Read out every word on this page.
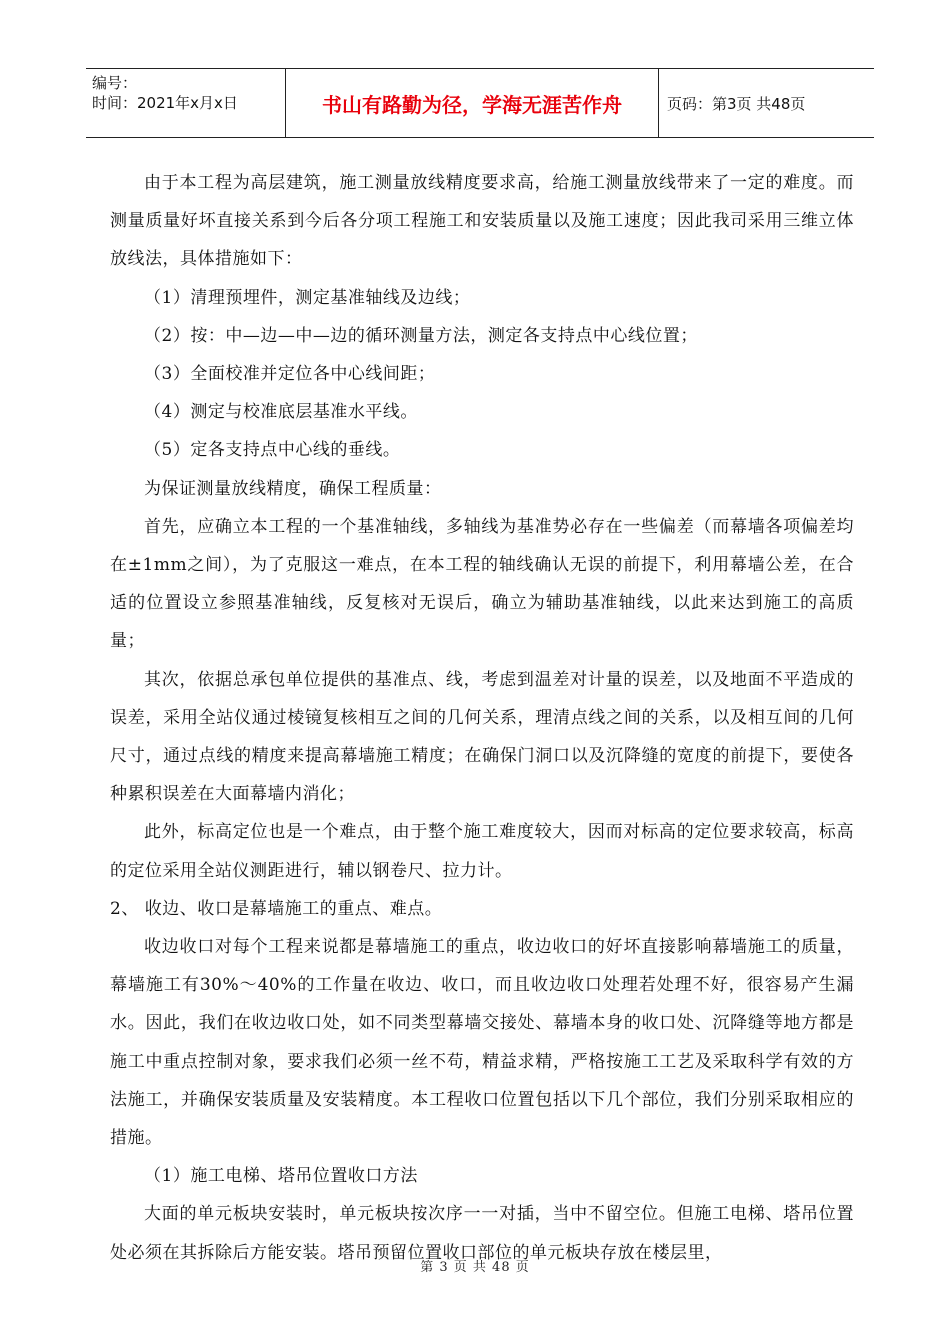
编号：
时间：2021年x月x日	书山有路勤为径，学海无涯苦作舟	页码：第3页 共48页

由于本工程为高层建筑，施工测量放线精度要求高，给施工测量放线带来了一定的难度。而测量质量好坏直接关系到今后各分项工程施工和安装质量以及施工速度；因此我司采用三维立体放线法，具体措施如下：

（1）清理预埋件，测定基准轴线及边线；

（2）按：中—边—中—边的循环测量方法，测定各支持点中心线位置；

（3）全面校准并定位各中心线间距；

（4）测定与校准底层基准水平线。

（5）定各支持点中心线的垂线。

为保证测量放线精度，确保工程质量：

首先，应确立本工程的一个基准轴线，多轴线为基准势必存在一些偏差（而幕墙各项偏差均在±1mm之间），为了克服这一难点，在本工程的轴线确认无误的前提下，利用幕墙公差，在合适的位置设立参照基准轴线，反复核对无误后，确立为辅助基准轴线，以此来达到施工的高质量；

其次，依据总承包单位提供的基准点、线，考虑到温差对计量的误差，以及地面不平造成的误差，采用全站仪通过棱镜复核相互之间的几何关系，理清点线之间的关系，以及相互间的几何尺寸，通过点线的精度来提高幕墙施工精度；在确保门洞口以及沉降缝的宽度的前提下，要使各种累积误差在大面幕墙内消化；

此外，标高定位也是一个难点，由于整个施工难度较大，因而对标高的定位要求较高，标高的定位采用全站仪测距进行，辅以钢卷尺、拉力计。

2、 收边、收口是幕墙施工的重点、难点。

收边收口对每个工程来说都是幕墙施工的重点，收边收口的好坏直接影响幕墙施工的质量，幕墙施工有30%～40%的工作量在收边、收口，而且收边收口处理若处理不好，很容易产生漏水。因此，我们在收边收口处，如不同类型幕墙交接处、幕墙本身的收口处、沉降缝等地方都是施工中重点控制对象，要求我们必须一丝不苟，精益求精，严格按施工工艺及采取科学有效的方法施工，并确保安装质量及安装精度。本工程收口位置包括以下几个部位，我们分别采取相应的措施。

（1）施工电梯、塔吊位置收口方法

大面的单元板块安装时，单元板块按次序一一对插，当中不留空位。但施工电梯、塔吊位置处必须在其拆除后方能安装。塔吊预留位置收口部位的单元板块存放在楼层里，

第 3 页 共 48 页
